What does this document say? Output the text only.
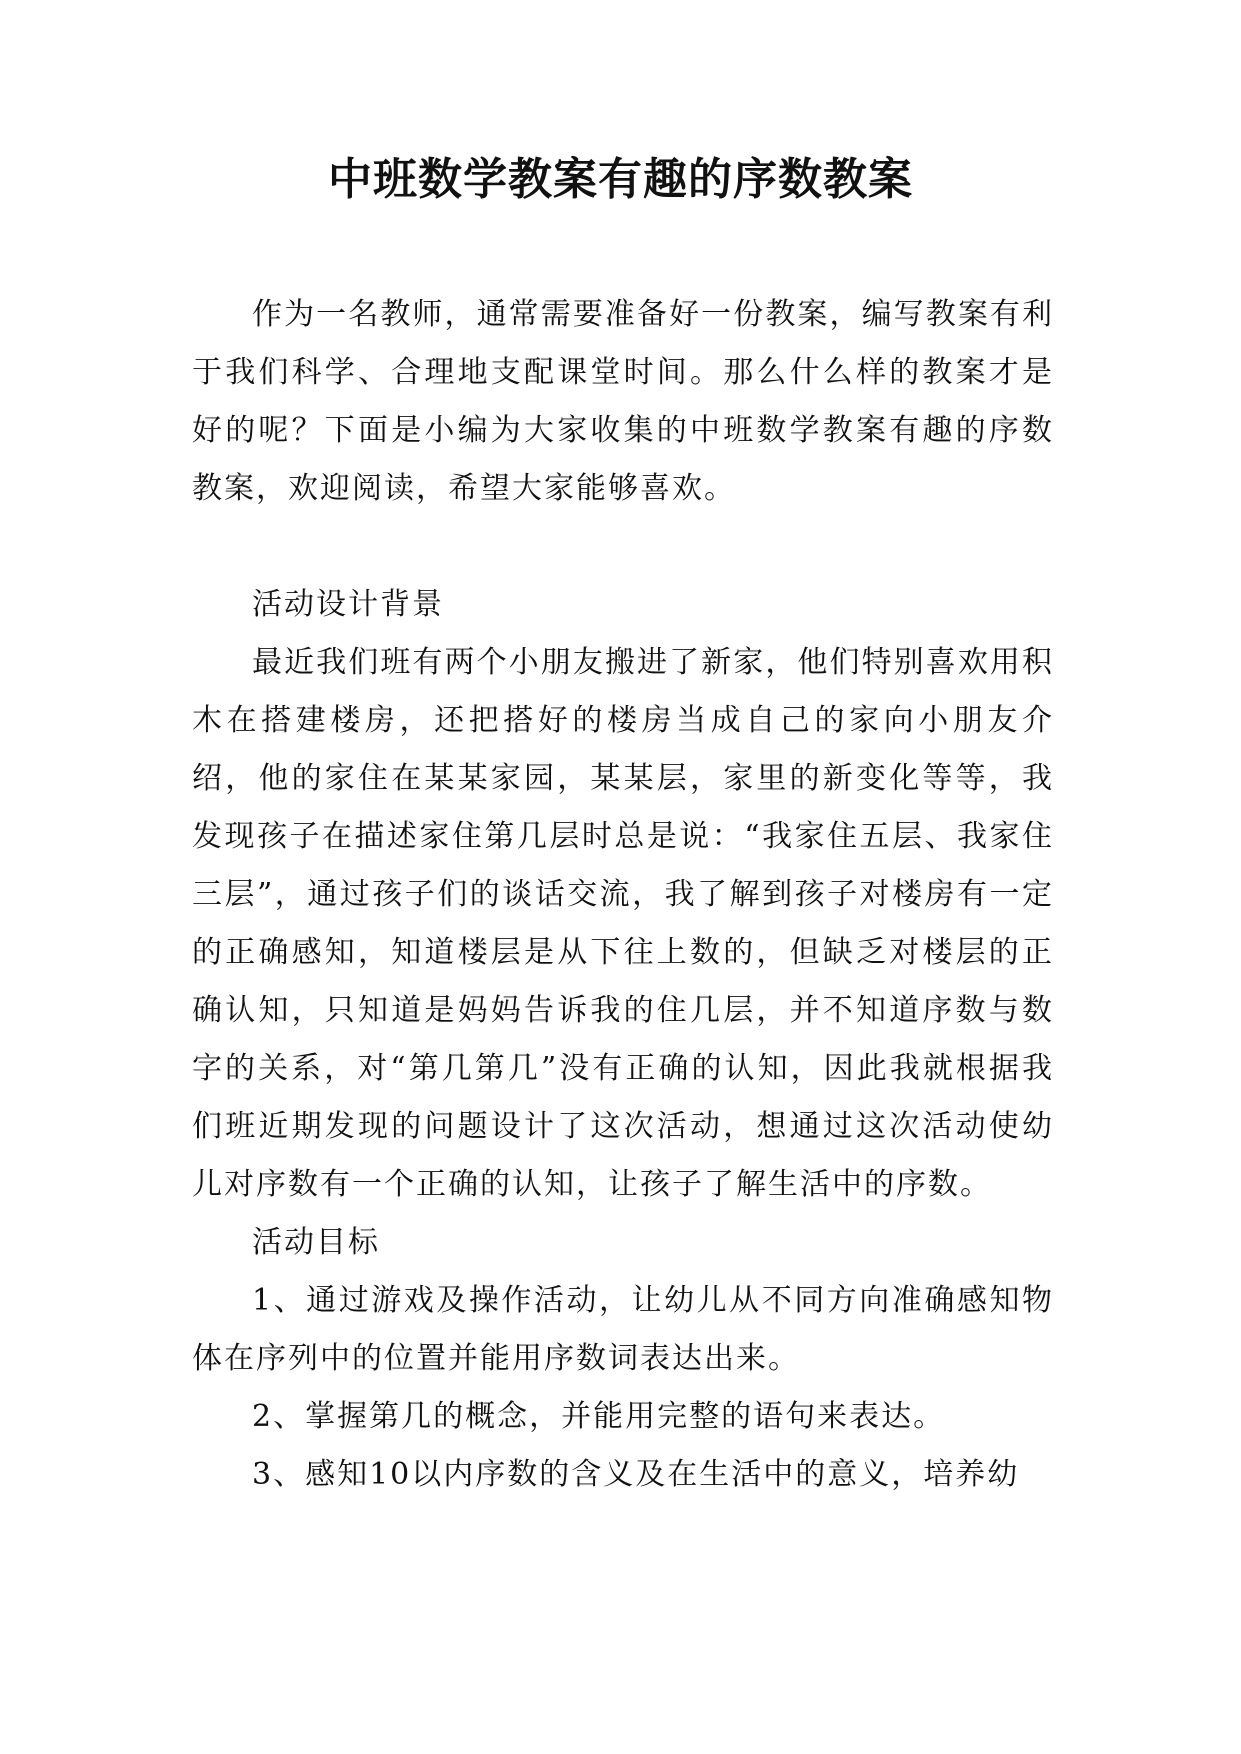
中班数学教案有趣的序数教案

作为一名教师，通常需要准备好一份教案，编写教案有利于我们科学、合理地支配课堂时间。那么什么样的教案才是好的呢？下面是小编为大家收集的中班数学教案有趣的序数教案，欢迎阅读，希望大家能够喜欢。

活动设计背景

最近我们班有两个小朋友搬进了新家，他们特别喜欢用积木在搭建楼房，还把搭好的楼房当成自己的家向小朋友介绍，他的家住在某某家园，某某层，家里的新变化等等，我发现孩子在描述家住第几层时总是说：“我家住五层、我家住三层”，通过孩子们的谈话交流，我了解到孩子对楼房有一定的正确感知，知道楼层是从下往上数的，但缺乏对楼层的正确认知，只知道是妈妈告诉我的住几层，并不知道序数与数字的关系，对“第几第几”没有正确的认知，因此我就根据我们班近期发现的问题设计了这次活动，想通过这次活动使幼儿对序数有一个正确的认知，让孩子了解生活中的序数。

活动目标

1、通过游戏及操作活动，让幼儿从不同方向准确感知物体在序列中的位置并能用序数词表达出来。

2、掌握第几的概念，并能用完整的语句来表达。

3、感知10以内序数的含义及在生活中的意义，培养幼
